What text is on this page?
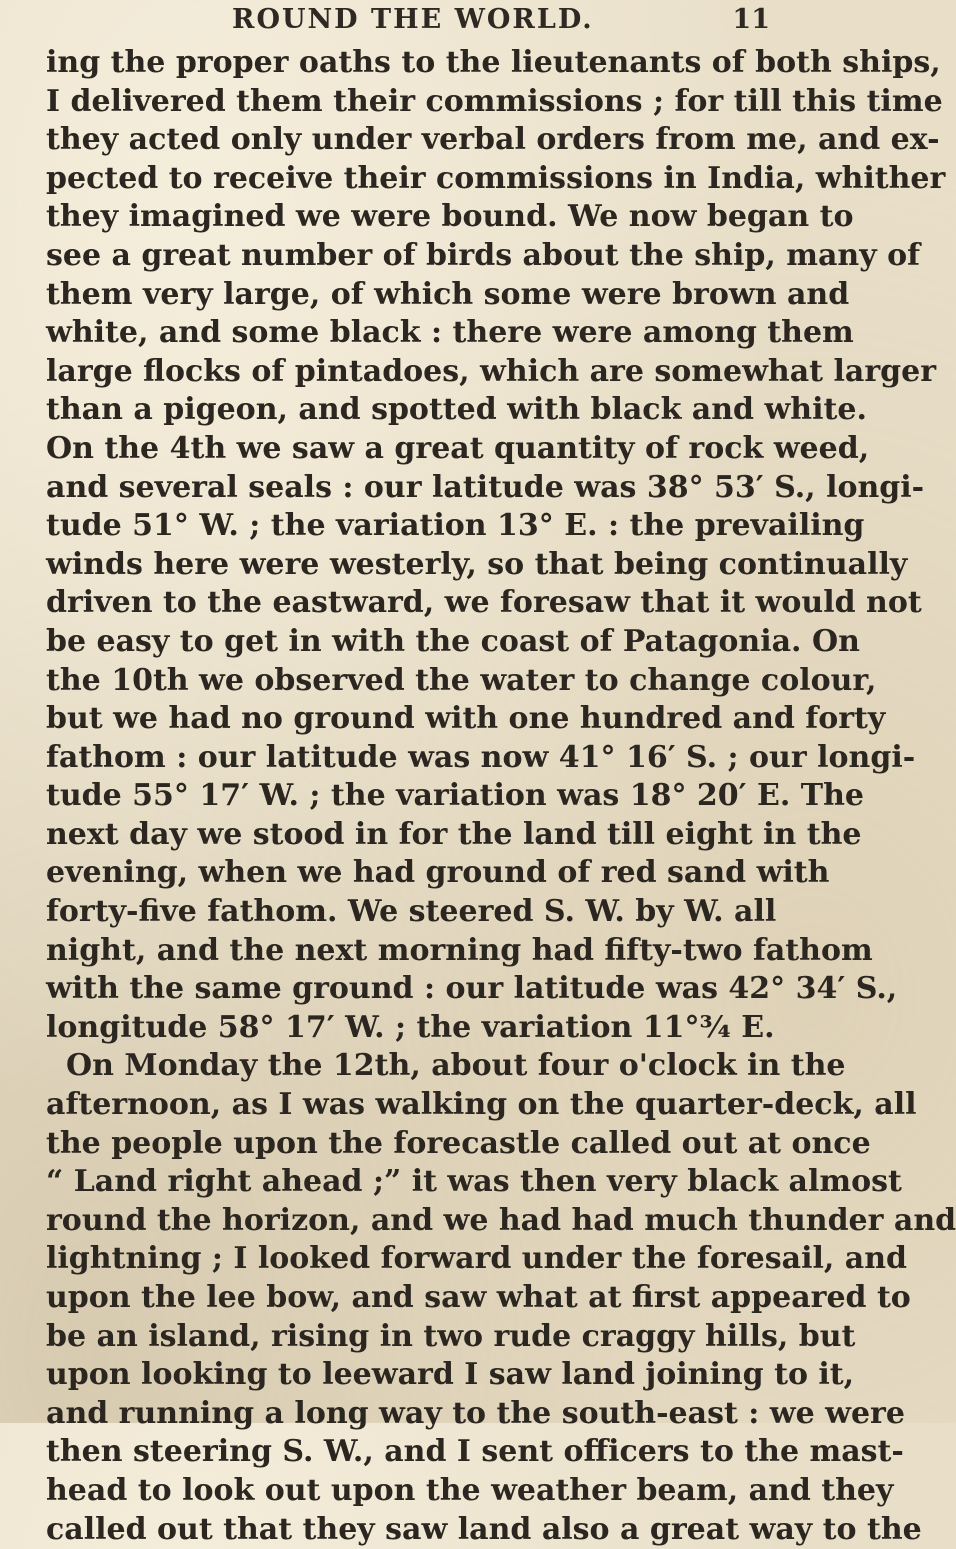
ROUND THE WORLD.	11
ing the proper oaths to the lieutenants of both ships,
I delivered them their commissions ; for till this time
they acted only under verbal orders from me, and ex-
pected to receive their commissions in India, whither
they imagined we were bound. We now began to
see a great number of birds about the ship, many of
them very large, of which some were brown and
white, and some black : there were among them
large flocks of pintadoes, which are somewhat larger
than a pigeon, and spotted with black and white.
On the 4th we saw a great quantity of rock weed,
and several seals : our latitude was 38° 53′ S., longi-
tude 51° W. ; the variation 13° E. : the prevailing
winds here were westerly, so that being continually
driven to the eastward, we foresaw that it would not
be easy to get in with the coast of Patagonia. On
the 10th we observed the water to change colour,
but we had no ground with one hundred and forty
fathom : our latitude was now 41° 16′ S. ; our longi-
tude 55° 17′ W. ; the variation was 18° 20′ E. The
next day we stood in for the land till eight in the
evening, when we had ground of red sand with
forty-five fathom. We steered S. W. by W. all
night, and the next morning had fifty-two fathom
with the same ground : our latitude was 42° 34′ S.,
longitude 58° 17′ W. ; the variation 11°¾ E.
On Monday the 12th, about four o'clock in the
afternoon, as I was walking on the quarter-deck, all
the people upon the forecastle called out at once
“ Land right ahead ;” it was then very black almost
round the horizon, and we had had much thunder and
lightning ; I looked forward under the foresail, and
upon the lee bow, and saw what at first appeared to
be an island, rising in two rude craggy hills, but
upon looking to leeward I saw land joining to it,
and running a long way to the south-east : we were
then steering S. W., and I sent officers to the mast-
head to look out upon the weather beam, and they
called out that they saw land also a great way to the
